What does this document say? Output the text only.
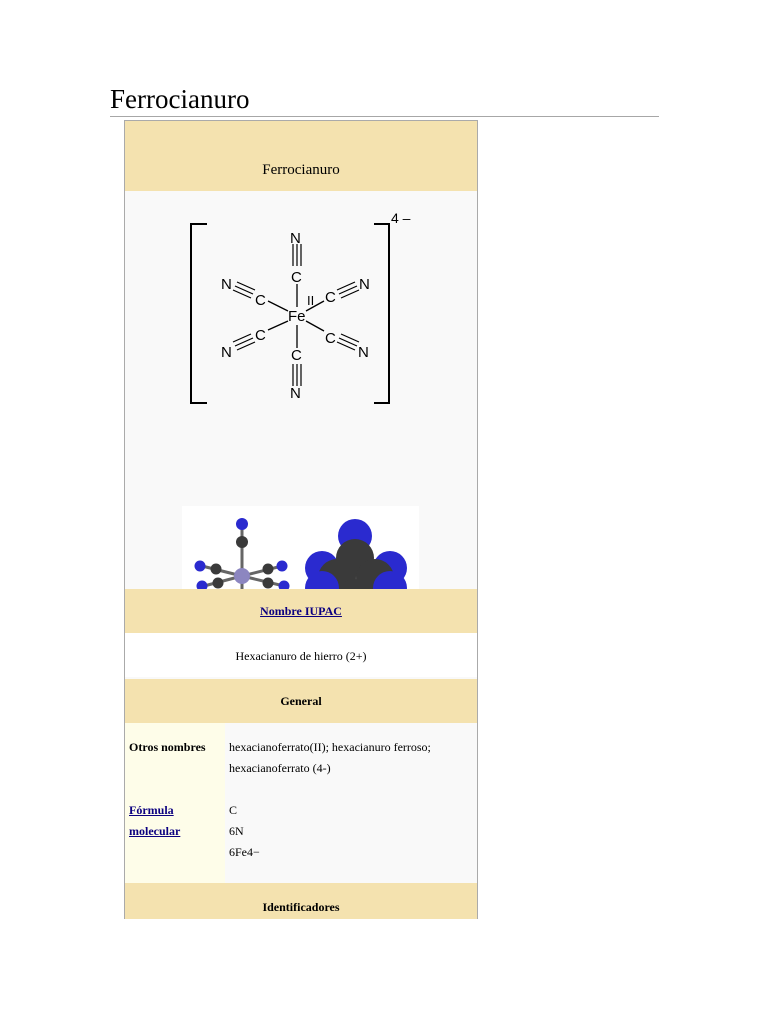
Ferrocianuro
Ferrocianuro
4 –
Fe
II
C
N
C
N
C
N
C
N
C
N
C
N
Nombre IUPAC
Hexacianuro de hierro (2+)
General
Otros nombres
Fórmula
molecular
hexacianoferrato(II); hexacianuro ferroso;
hexacianoferrato (4-)
C
6N
6Fe4−
Identificadores
